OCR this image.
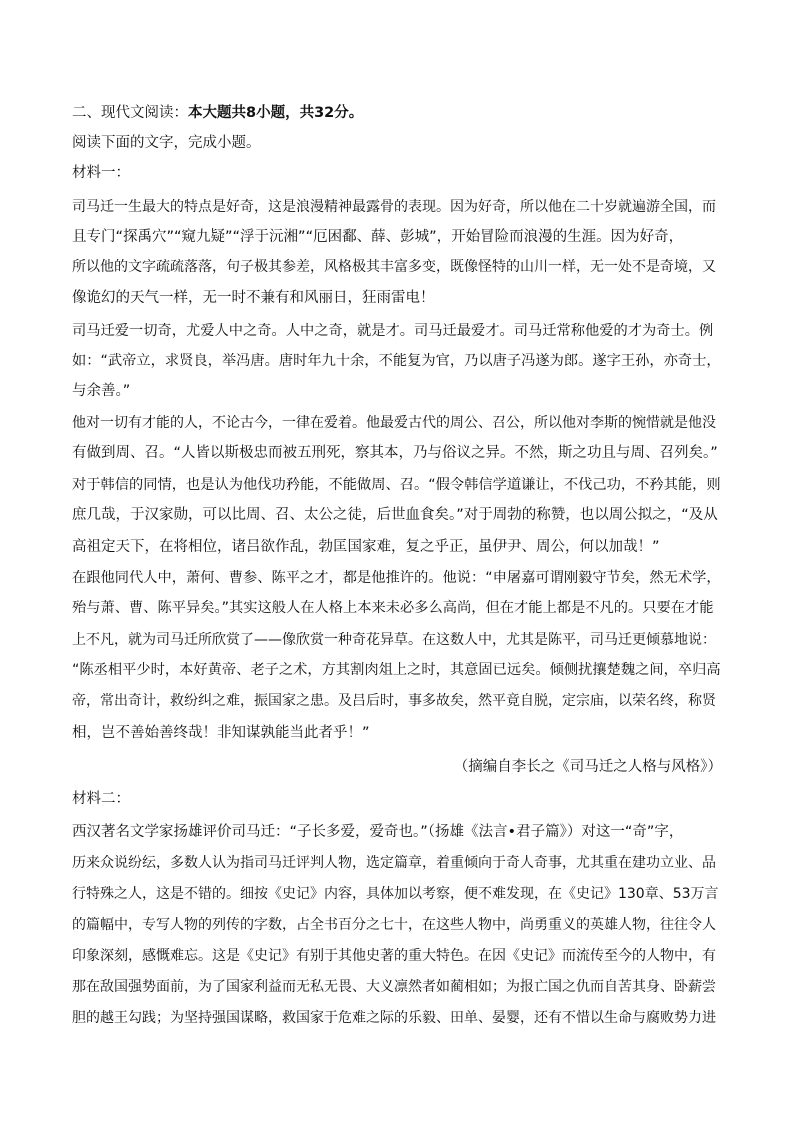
二、现代文阅读：本大题共8小题，共32分。
阅读下面的文字，完成小题。
材料一：
司马迁一生最大的特点是好奇，这是浪漫精神最露骨的表现。因为好奇，所以他在二十岁就遍游全国，而
且专门“探禹穴”“窥九疑”“浮于沅湘”“厄困鄱、薛、彭城”，开始冒险而浪漫的生涯。因为好奇，
所以他的文字疏疏落落，句子极其参差，风格极其丰富多变，既像怪特的山川一样，无一处不是奇境，又
像诡幻的天气一样，无一时不兼有和风丽日，狂雨雷电！
司马迁爱一切奇，尤爱人中之奇。人中之奇，就是才。司马迁最爱才。司马迁常称他爱的才为奇士。例
如：“武帝立，求贤良，举冯唐。唐时年九十余，不能复为官，乃以唐子冯遂为郎。遂字王孙，亦奇士，
与余善。”
他对一切有才能的人，不论古今，一律在爱着。他最爱古代的周公、召公，所以他对李斯的惋惜就是他没
有做到周、召。“人皆以斯极忠而被五刑死，察其本，乃与俗议之异。不然，斯之功且与周、召列矣。”
对于韩信的同情，也是认为他伐功矜能，不能做周、召。“假令韩信学道谦让，不伐己功，不矜其能，则
庶几哉，于汉家勋，可以比周、召、太公之徒，后世血食矣。”对于周勃的称赞，也以周公拟之，“及从
高祖定天下，在将相位，诸吕欲作乱，勃匡国家难，复之乎正，虽伊尹、周公，何以加哉！”
在跟他同代人中，萧何、曹参、陈平之才，都是他推许的。他说：“申屠嘉可谓刚毅守节矣，然无术学，
殆与萧、曹、陈平异矣。”其实这般人在人格上本来未必多么高尚，但在才能上都是不凡的。只要在才能
上不凡，就为司马迁所欣赏了——像欣赏一种奇花异草。在这数人中，尤其是陈平，司马迁更倾慕地说：
“陈丞相平少时，本好黄帝、老子之术，方其割肉俎上之时，其意固已远矣。倾侧扰攘楚魏之间，卒归高
帝，常出奇计，救纷纠之难，振国家之患。及吕后时，事多故矣，然平竟自脱，定宗庙，以荣名终，称贤
相，岂不善始善终哉！非知谋孰能当此者乎！”
（摘编自李长之《司马迁之人格与风格》）
材料二：
西汉著名文学家扬雄评价司马迁：“子长多爱，爱奇也。”（扬雄《法言•君子篇》）对这一“奇”字，
历来众说纷纭，多数人认为指司马迁评判人物，选定篇章，着重倾向于奇人奇事，尤其重在建功立业、品
行特殊之人，这是不错的。细按《史记》内容，具体加以考察，便不难发现，在《史记》130章、53万言
的篇幅中，专写人物的列传的字数，占全书百分之七十，在这些人物中，尚勇重义的英雄人物，往往令人
印象深刻，感慨难忘。这是《史记》有别于其他史著的重大特色。在因《史记》而流传至今的人物中，有
那在敌国强势面前，为了国家利益而无私无畏、大义凛然者如蔺相如；为报亡国之仇而自苦其身、卧薪尝
胆的越王勾践；为坚持强国谋略，救国家于危难之际的乐毅、田单、晏婴，还有不惜以生命与腐败势力进
